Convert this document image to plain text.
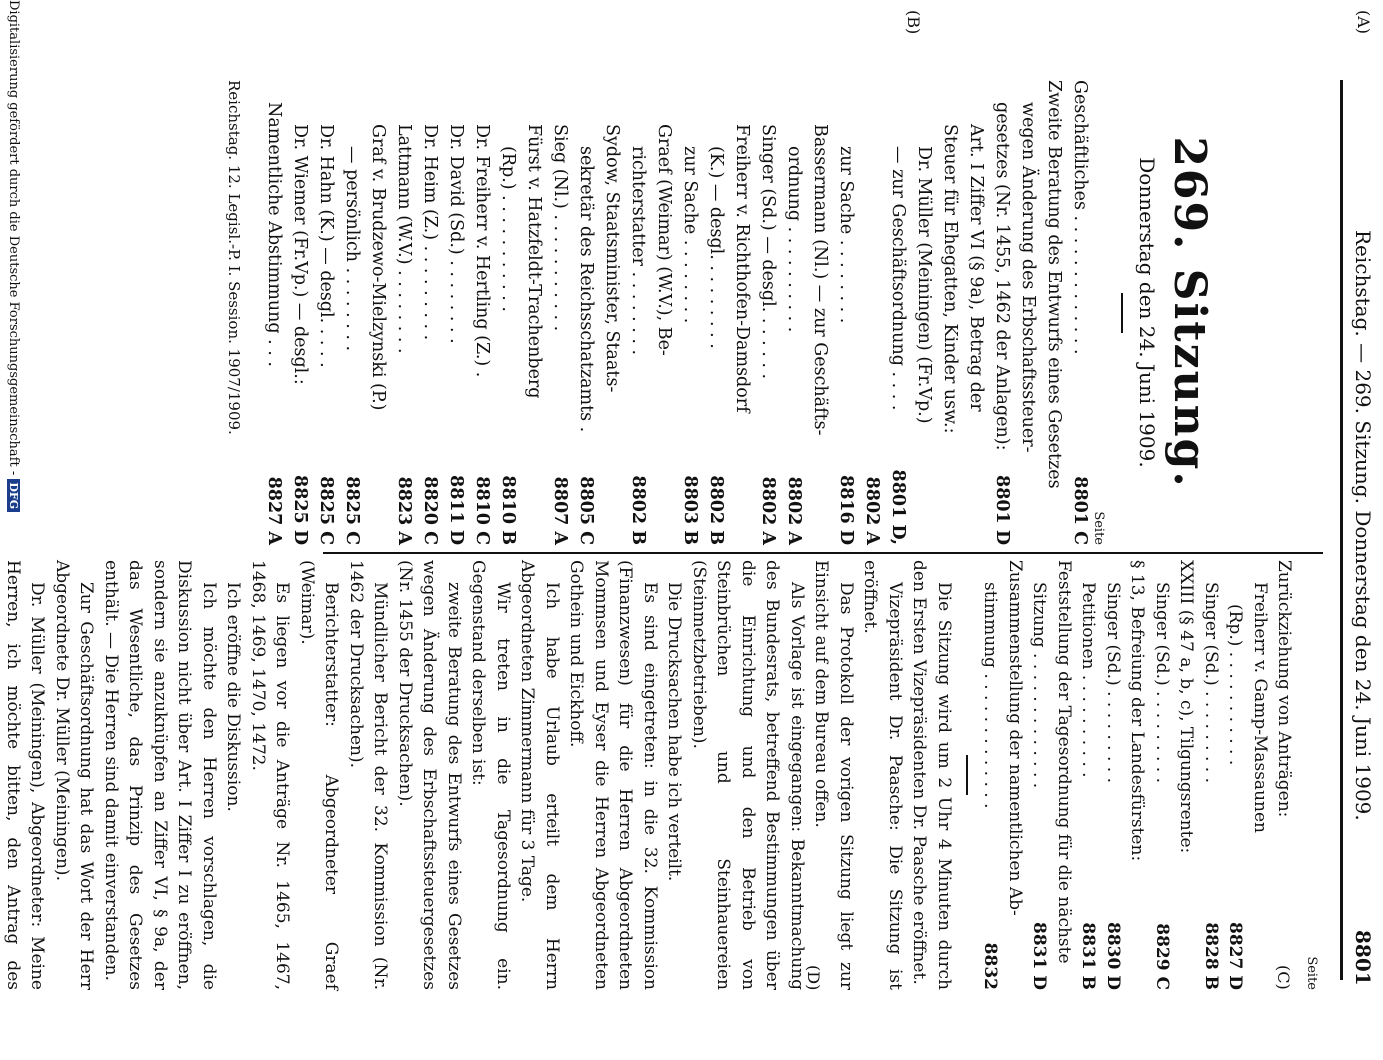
(A)
Reichstag. — 269. Sitzung. Donnerstag den 24. Juni 1909.
8801
269. Sitzung.
Donnerstag den 24. Juni 1909.
Seite
Geschäftliches . . . . . . . . . . . . .
8801 C
Zweite Beratung des Entwurfs eines Gesetzes
wegen Änderung des Erbschaftssteuer-
gesetzes (Nr. 1455, 1462 der Anlagen):
8801 D
Art. I Ziffer VI (§ 9a), Betrag der
Steuer für Ehegatten, Kinder usw.:
Dr. Müller (Meiningen) (Fr.Vp.)
— zur Geschäftsordnung . . . .
8801 D,
8802 A
zur Sache . . . . . . . .
8816 D
Bassermann (Nl.) — zur Geschäfts-
ordnung . . . . . . . . . .
8802 A
Singer (Sd.) — desgl. . . . . . .
8802 A
Freiherr v. Richthofen-Damsdorf
(K.) — desgl. . . . . . . . .
8802 B
zur Sache . . . . . . . .
8803 B
Graef (Weimar) (W.V.), Be-
richterstatter . . . . . . . .
8802 B
Sydow, Staatsminister, Staats-
sekretär des Reichsschatzamts .
8805 C
Sieg (Nl.) . . . . . . . . . . .
8807 A
Fürst v. Hatzfeldt-Trachenberg
(Rp.) . . . . . . . . . . .
8810 B
Dr. Freiherr v. Hertling (Z.) .
8810 C
Dr. David (Sd.) . . . . . . . .
8811 D
Dr. Heim (Z.) . . . . . . . . .
8820 C
Lattmann (W.V.) . . . . . . . .
8823 A
Graf v. Brudzewo-Mielzynski (P.)
— persönlich . . . . . . . .
8825 C
Dr. Hahn (K.) — desgl. . . . .
8825 C
Dr. Wiemer (Fr.Vp.) — desgl.:
8825 D
Namentliche Abstimmung . . .
8827 A
Reichstag. 12. Legisl.-P. I. Session. 1907/1909.
(B)
Seite
Zurückziehung von Anträgen:
Freiherr v. Gamp-Massaunen
(Rp.) . . . . . . . . . . .
8827 D
Singer (Sd.) . . . . . . . . .
8828 B
XXIII (§ 47 a, b, c), Tilgungsrente:
Singer (Sd.) . . . . . . . . .
8829 C
§ 13, Befreiung der Landesfürsten:
Singer (Sd.) . . . . . . . . .
8830 D
Petitionen . . . . . . . . . .
8831 B
Feststellung der Tagesordnung für die nächste
Sitzung . . . . . . . . . . . . .
8831 D
Zusammenstellung der namentlichen Ab-
stimmung . . . . . . . . . . . . .
8832

Die Sitzung wird um 2 Uhr 4 Minuten durch den Ersten Vizepräsidenten Dr. Paasche eröffnet.

Vizepräsident Dr. Paasche: Die Sitzung ist eröffnet.

Das Protokoll der vorigen Sitzung liegt zur Einsicht auf dem Bureau offen.

Als Vorlage ist eingegangen: Bekanntmachung des Bundesrats, betreffend Bestimmungen über die Einrichtung und den Betrieb von Steinbrüchen und Steinhauereien (Steinmetzbetrieben).

Die Drucksachen habe ich verteilt.

Es sind eingetreten: in die 32. Kommission (Finanzwesen) für die Herren Abgeordneten Mommsen und Eyser die Herren Abgeordneten Gothein und Eickhoff.

Ich habe Urlaub erteilt dem Herrn Abgeordneten Zimmermann für 3 Tage.

Wir treten in die Tagesordnung ein. Gegenstand derselben ist:

zweite Beratung des Entwurfs eines Gesetzes wegen Änderung des Erbschaftssteuergesetzes (Nr. 1455 der Drucksachen).

Mündlicher Bericht der 32. Kommission (Nr. 1462 der Drucksachen).

Berichterstatter: Abgeordneter Graef (Weimar).

Es liegen vor die Anträge Nr. 1465, 1467, 1468, 1469, 1470, 1472.

Ich eröffne die Diskussion.

Ich möchte den Herren vorschlagen, die Diskussion nicht über Art. I Ziffer I zu eröffnen, sondern sie anzuknüpfen an Ziffer VI, § 9a, der das Wesentliche, das Prinzip des Gesetzes enthält. — Die Herren sind damit einverstanden.

Zur Geschäftsordnung hat das Wort der Herr Abgeordnete Dr. Müller (Meiningen).

Dr. Müller (Meiningen), Abgeordneter: Meine Herren, ich möchte bitten, den Antrag des	(C)
(D)
Digitalisierung gefördert durch die Deutsche Forschungsgemeinschaft - DFG
